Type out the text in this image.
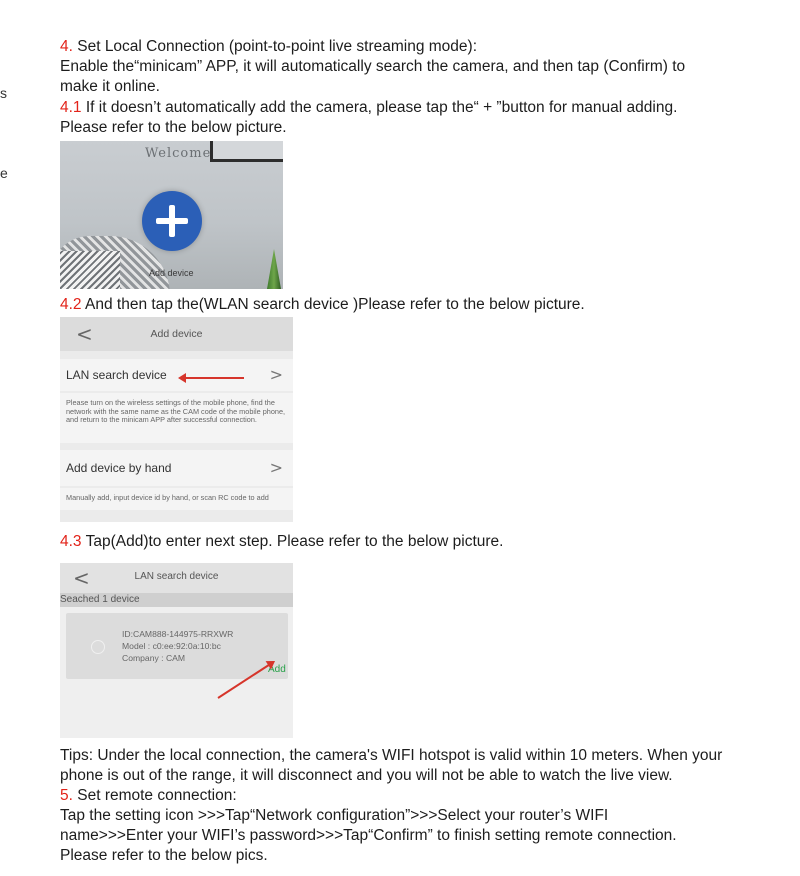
s
e
4. Set Local Connection (point-to-point live streaming mode):
Enable the“minicam” APP, it will automatically search the camera, and then tap (Confirm) to
make it online.
4.1 If it doesn’t automatically add the camera, please tap the“ + ”button for manual adding.
Please refer to the below picture.
Welcome
Add device
4.2 And then tap the(WLAN search device )Please refer to the below picture.
<	Add device
LAN search device	>
Please turn on the wireless settings of the mobile phone, find the network with the same name as the CAM code of the mobile phone, and return to the minicam APP after successful connection.
Add device by hand	>
Manually add, input device id by hand, or scan RC code to add
4.3 Tap(Add)to enter next step. Please refer to the below picture.
<	LAN search device
Seached 1 device
ID:CAM888-144975-RRXWR
Model : c0:ee:92:0a:10:bc
Company : CAM
Add
Tips: Under the local connection, the camera's WIFI hotspot is valid within 10 meters. When your
phone is out of the range, it will disconnect and you will not be able to watch the live view.
5. Set remote connection:
Tap the setting icon >>>Tap“Network configuration”>>>Select your router’s WIFI
name>>>Enter your WIFI’s password>>>Tap“Confirm” to finish setting remote connection.
Please refer to the below pics.
